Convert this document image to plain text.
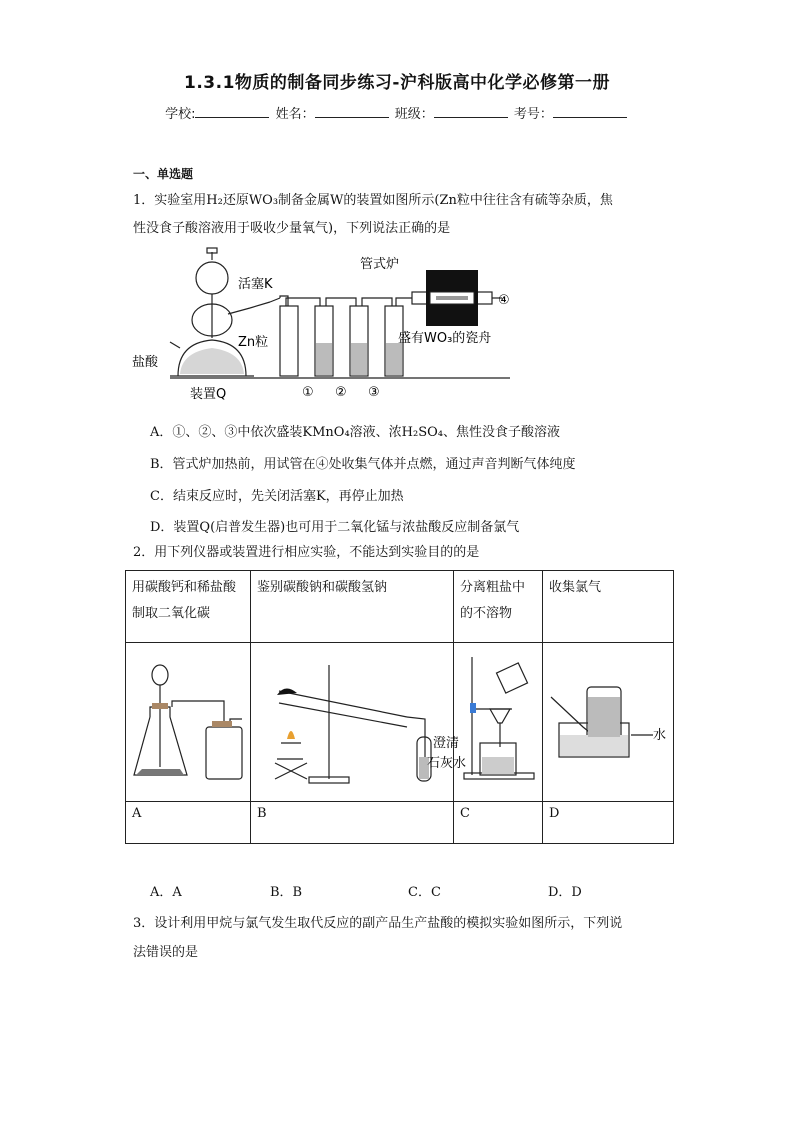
1.3.1物质的制备同步练习-沪科版高中化学必修第一册
学校:	姓名：	班级：	考号：
一、单选题
1．实验室用H₂还原WO₃制备金属W的装置如图所示(Zn粒中往往含有硫等杂质，焦
性没食子酸溶液用于吸收少量氧气)，下列说法正确的是
管式炉
活塞K
Zn粒
盐酸
装置Q
盛有WO₃的瓷舟
① ② ③
④
A．①、②、③中依次盛装KMnO₄溶液、浓H₂SO₄、焦性没食子酸溶液
B．管式炉加热前，用试管在④处收集气体并点燃，通过声音判断气体纯度
C．结束反应时，先关闭活塞K，再停止加热
D．装置Q(启普发生器)也可用于二氧化锰与浓盐酸反应制备氯气
2．用下列仪器或装置进行相应实验，不能达到实验目的的是
用碳酸钙和稀盐酸制取二氧化碳	鉴别碳酸钠和碳酸氢钠	分离粗盐中的不溶物	收集氯气

澄清
石灰水		水

A	B	C	D
A．A	B．B	C．C	D．D
3．设计利用甲烷与氯气发生取代反应的副产品生产盐酸的模拟实验如图所示，下列说
法错误的是
